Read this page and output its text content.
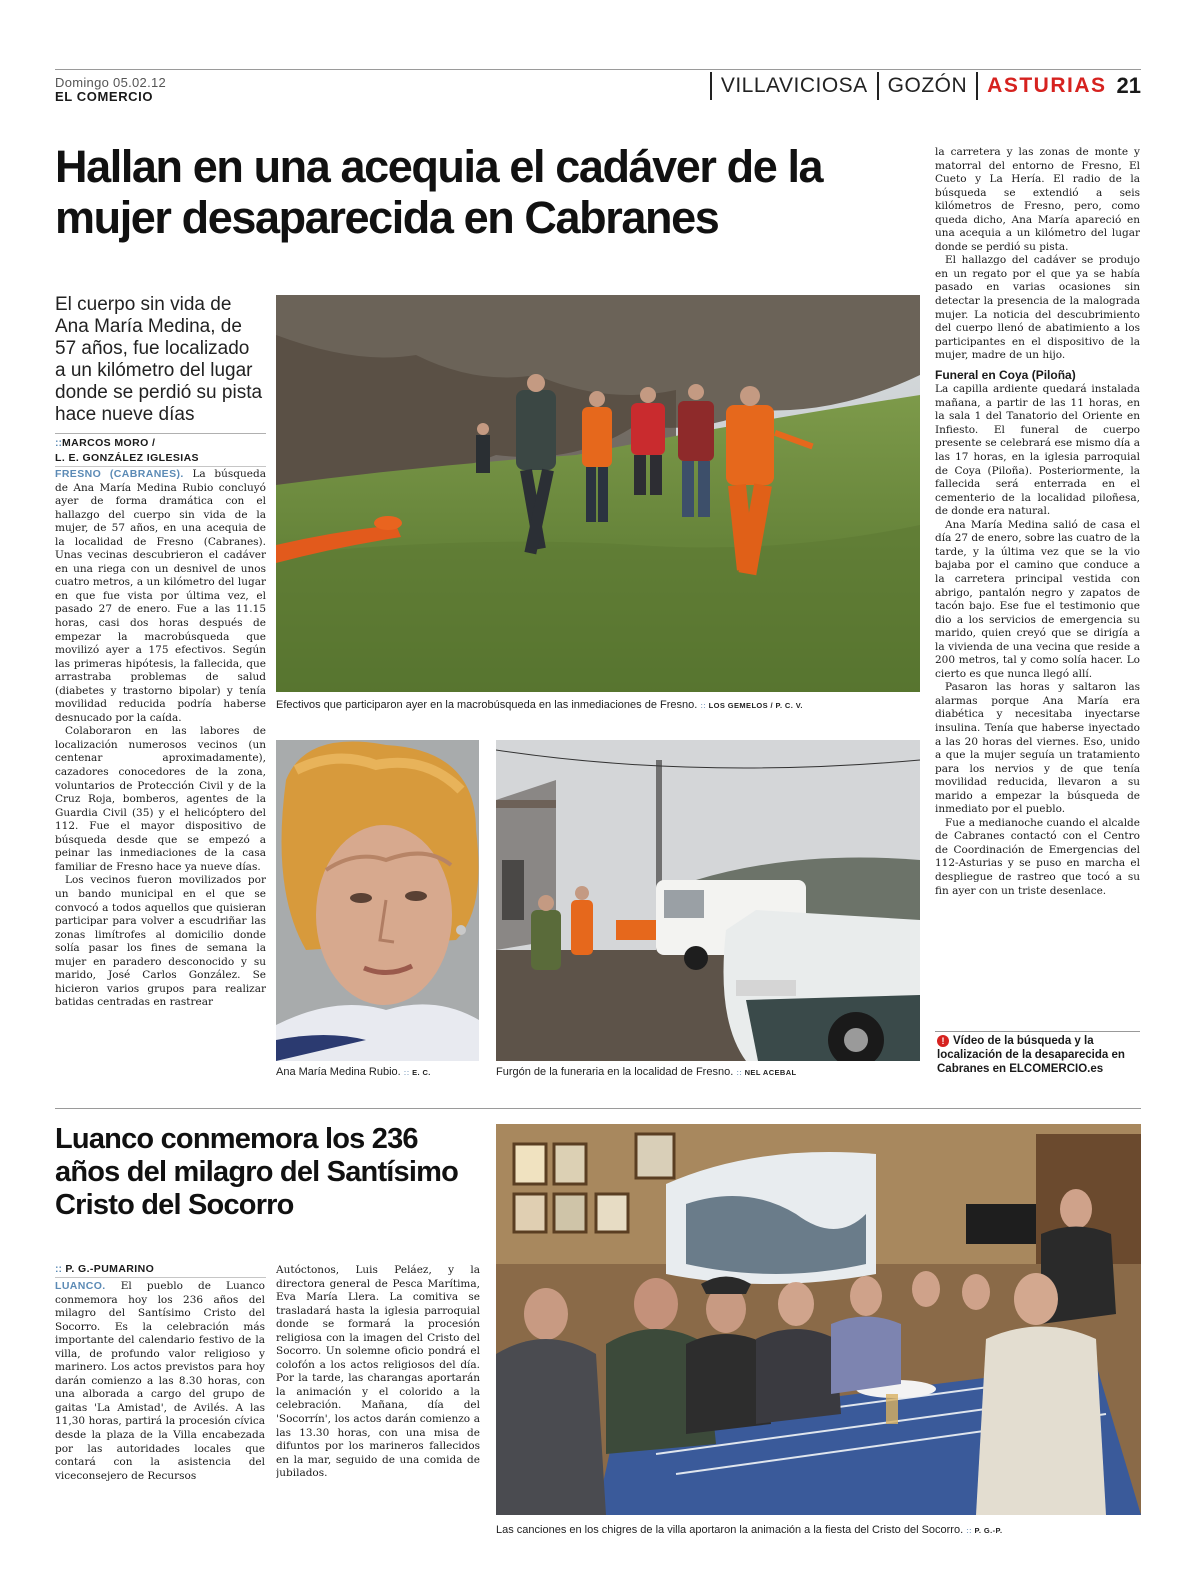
Domingo 05.02.12
EL COMERCIO	VILLAVICIOSA GOZÓN ASTURIAS 21
Hallan en una acequia el cadáver de la mujer desaparecida en Cabranes
El cuerpo sin vida de Ana María Medina, de 57 años, fue localizado a un kilómetro del lugar donde se perdió su pista hace nueve días
::MARCOS MORO /
L. E. GONZÁLEZ IGLESIAS

FRESNO (CABRANES). La búsqueda de Ana María Medina Rubio concluyó ayer de forma dramática con el hallazgo del cuerpo sin vida de la mujer, de 57 años, en una acequia de la localidad de Fresno (Cabranes). Unas vecinas descubrieron el cadáver en una riega con un desnivel de unos cuatro metros, a un kilómetro del lugar en que fue vista por última vez, el pasado 27 de enero. Fue a las 11.15 horas, casi dos horas después de empezar la macrobúsqueda que movilizó ayer a 175 efectivos. Según las primeras hipótesis, la fallecida, que arrastraba problemas de salud (diabetes y trastorno bipolar) y tenía movilidad reducida podría haberse desnucado por la caída.

Colaboraron en las labores de localización numerosos vecinos (un centenar aproximadamente), cazadores conocedores de la zona, voluntarios de Protección Civil y de la Cruz Roja, bomberos, agentes de la Guardia Civil (35) y el helicóptero del 112. Fue el mayor dispositivo de búsqueda desde que se empezó a peinar las inmediaciones de la casa familiar de Fresno hace ya nueve días.

Los vecinos fueron movilizados por un bando municipal en el que se convocó a todos aquellos que quisieran participar para volver a escudriñar las zonas limítrofes al domicilio donde solía pasar los fines de semana la mujer en paradero desconocido y su marido, José Carlos González. Se hicieron varios grupos para realizar batidas centradas en rastrear

Efectivos que participaron ayer en la macrobúsqueda en las inmediaciones de Fresno. :: LOS GEMELOS / P. C. V.
Ana María Medina Rubio. :: E. C.	Furgón de la funeraria en la localidad de Fresno. :: NEL ACEBAL

la carretera y las zonas de monte y matorral del entorno de Fresno, El Cueto y La Hería. El radio de la búsqueda se extendió a seis kilómetros de Fresno, pero, como queda dicho, Ana María apareció en una acequia a un kilómetro del lugar donde se perdió su pista.

El hallazgo del cadáver se produjo en un regato por el que ya se había pasado en varias ocasiones sin detectar la presencia de la malograda mujer. La noticia del descubrimiento del cuerpo llenó de abatimiento a los participantes en el dispositivo de la mujer, madre de un hijo.

Funeral en Coya (Piloña)

La capilla ardiente quedará instalada mañana, a partir de las 11 horas, en la sala 1 del Tanatorio del Oriente en Infiesto. El funeral de cuerpo presente se celebrará ese mismo día a las 17 horas, en la iglesia parroquial de Coya (Piloña). Posteriormente, la fallecida será enterrada en el cementerio de la localidad piloñesa, de donde era natural.

Ana María Medina salió de casa el día 27 de enero, sobre las cuatro de la tarde, y la última vez que se la vio bajaba por el camino que conduce a la carretera principal vestida con abrigo, pantalón negro y zapatos de tacón bajo. Ese fue el testimonio que dio a los servicios de emergencia su marido, quien creyó que se dirigía a la vivienda de una vecina que reside a 200 metros, tal y como solía hacer. Lo cierto es que nunca llegó allí.

Pasaron las horas y saltaron las alarmas porque Ana María era diabética y necesitaba inyectarse insulina. Tenía que haberse inyectado a las 20 horas del viernes. Eso, unido a que la mujer seguía un tratamiento para los nervios y de que tenía movilidad reducida, llevaron a su marido a empezar la búsqueda de inmediato por el pueblo.

Fue a medianoche cuando el alcalde de Cabranes contactó con el Centro de Coordinación de Emergencias del 112-Asturias y se puso en marcha el despliegue de rastreo que tocó a su fin ayer con un triste desenlace.

! Vídeo de la búsqueda y la localización de la desaparecida en Cabranes en ELCOMERCIO.es
Luanco conmemora los 236 años del milagro del Santísimo Cristo del Socorro
:: P. G.-PUMARINO

LUANCO. El pueblo de Luanco conmemora hoy los 236 años del milagro del Santísimo Cristo del Socorro. Es la celebración más importante del calendario festivo de la villa, de profundo valor religioso y marinero. Los actos previstos para hoy darán comienzo a las 8.30 horas, con una alborada a cargo del grupo de gaitas 'La Amistad', de Avilés. A las 11,30 horas, partirá la procesión cívica desde la plaza de la Villa encabezada por las autoridades locales que contará con la asistencia del viceconsejero de Recursos

Autóctonos, Luis Peláez, y la directora general de Pesca Marítima, Eva María Llera. La comitiva se trasladará hasta la iglesia parroquial donde se formará la procesión religiosa con la imagen del Cristo del Socorro. Un solemne oficio pondrá el colofón a los actos religiosos del día. Por la tarde, las charangas aportarán la animación y el colorido a la celebración. Mañana, día del 'Socorrín', los actos darán comienzo a las 13.30 horas, con una misa de difuntos por los marineros fallecidos en la mar, seguido de una comida de jubilados.

Las canciones en los chigres de la villa aportaron la animación a la fiesta del Cristo del Socorro. :: P. G.-P.
